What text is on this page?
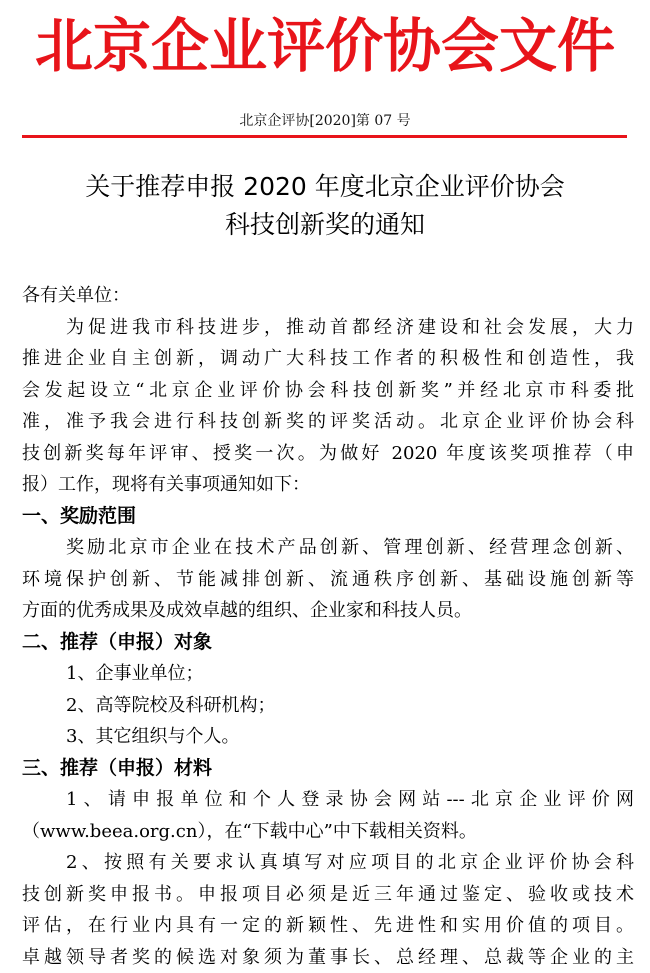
北京企业评价协会文件
北京企评协[2020]第 07 号
关于推荐申报 2020 年度北京企业评价协会
科技创新奖的通知
各有关单位：
为促进我市科技进步，推动首都经济建设和社会发展，大力
推进企业自主创新，调动广大科技工作者的积极性和创造性，我
会发起设立“北京企业评价协会科技创新奖”并经北京市科委批
准，准予我会进行科技创新奖的评奖活动。北京企业评价协会科
技创新奖每年评审、授奖一次。为做好 2020 年度该奖项推荐（申
报）工作，现将有关事项通知如下：
一、奖励范围
奖励北京市企业在技术产品创新、管理创新、经营理念创新、
环境保护创新、节能减排创新、流通秩序创新、基础设施创新等
方面的优秀成果及成效卓越的组织、企业家和科技人员。
二、推荐（申报）对象
1、企事业单位；
2、高等院校及科研机构；
3、其它组织与个人。
三、推荐（申报）材料
1、请申报单位和个人登录协会网站---北京企业评价网
（www.beea.org.cn），在“下载中心”中下载相关资料。
2、按照有关要求认真填写对应项目的北京企业评价协会科
技创新奖申报书。申报项目必须是近三年通过鉴定、验收或技术
评估，在行业内具有一定的新颖性、先进性和实用价值的项目。
卓越领导者奖的候选对象须为董事长、总经理、总裁等企业的主
